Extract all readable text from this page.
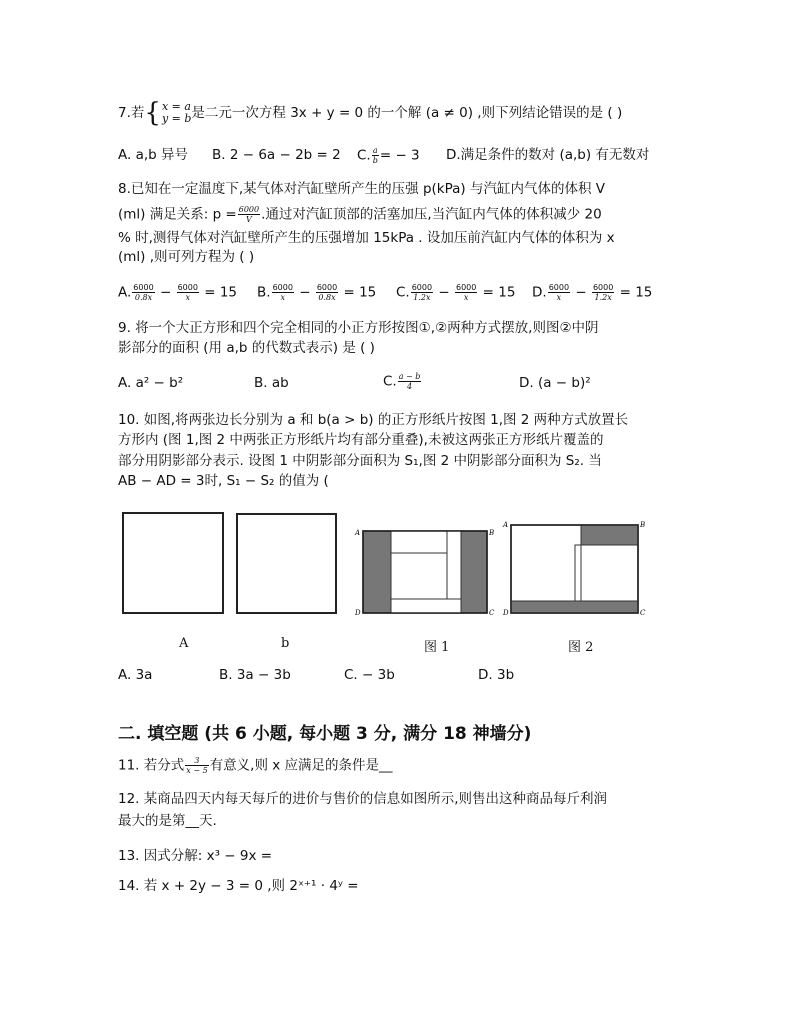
7.若{ x = a
y = b 是二元一次方程 3x + y = 0 的一个解 (a ≠ 0) ,则下列结论错误的是 ( )
A. a,b 异号 B. 2 − 6a − 2b = 2 C. $\frac{a}{b}$ = − 3 D.满足条件的数对 (a,b) 有无数对
8.已知在一定温度下,某气体对汽缸壁所产生的压强 p(kPa) 与汽缸内气体的体积 V
(ml) 满足关系: $p = \frac{6000}{V}$ .通过对汽缸顶部的活塞加压,当汽缸内气体的体积减少 20
% 时,测得气体对汽缸壁所产生的压强增加 15kPa . 设加压前汽缸内气体的体积为 x
(ml) ,则可列方程为 ( )
A. $\frac{6000}{0.8x} - \frac{6000}{x} = 15$ B. $\frac{6000}{x} - \frac{6000}{0.8x} = 15$ C. $\frac{6000}{1.2x} - \frac{6000}{x} = 15$ D. $\frac{6000}{x} - \frac{6000}{1.2x} = 15$
9. 将一个大正方形和四个完全相同的小正方形按图①,②两种方式摆放,则图②中阴
影部分的面积 (用 a,b 的代数式表示) 是 ( )
A. a² − b²	B. ab	C. $\frac{a - b}{4}$	D. (a − b)²
10. 如图,将两张边长分别为 a 和 b(a > b) 的正方形纸片按图 1,图 2 两种方式放置长
方形内 (图 1,图 2 中两张正方形纸片均有部分重叠),未被这两张正方形纸片覆盖的
部分用阴影部分表示. 设图 1 中阴影部分面积为 S₁,图 2 中阴影部分面积为 S₂. 当
AB − AD = 3时, S₁ − S₂ 的值为 (
A	B
D	C
A	B
D	C
A	b	图 1	图 2
A. 3a	B. 3a − 3b	C. − 3b	D. 3b
二. 填空题 (共 6 小题, 每小题 3 分, 满分 18 神墙分)
11. 若分式 $\frac{3}{x - 5}$ 有意义,则 x 应满足的条件是__
12. 某商品四天内每天每斤的进价与售价的信息如图所示,则售出这种商品每斤利润
最大的是第__天.
13. 因式分解: x³ − 9x =
14. 若 x + 2y − 3 = 0 ,则 2ˣ⁺¹ · 4ʸ =
